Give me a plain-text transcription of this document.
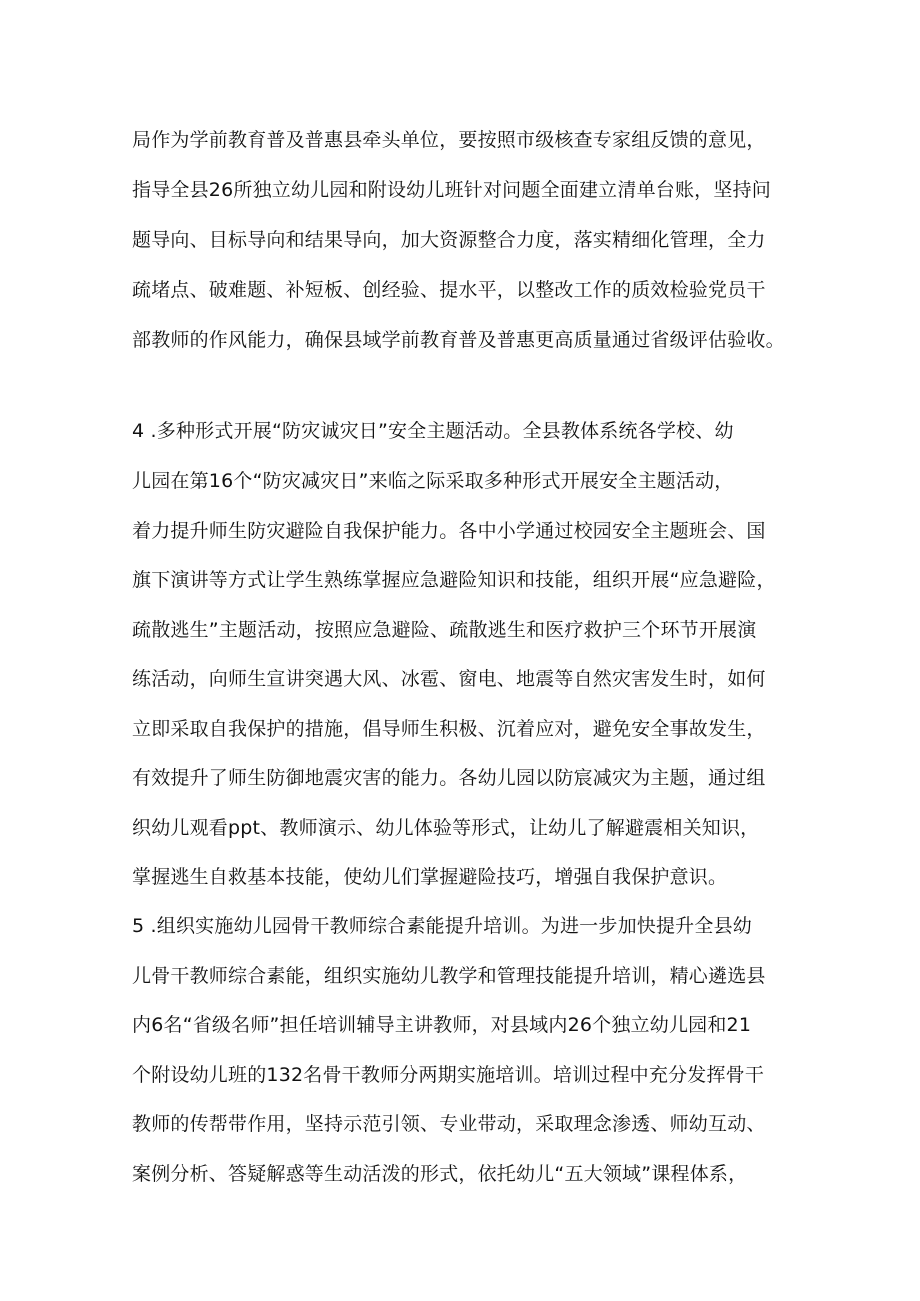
局作为学前教育普及普惠县牵头单位，要按照市级核查专家组反馈的意见，
指导全县26所独立幼儿园和附设幼儿班针对问题全面建立清单台账，坚持问
题导向、目标导向和结果导向，加大资源整合力度，落实精细化管理，全力
疏堵点、破难题、补短板、创经验、提水平，以整改工作的质效检验党员干
部教师的作风能力，确保县域学前教育普及普惠更高质量通过省级评估验收。
4 .多种形式开展“防灾诚灾日”安全主题活动。全县教体系统各学校、幼
儿园在第16个“防灾减灾日”来临之际采取多种形式开展安全主题活动，
着力提升师生防灾避险自我保护能力。各中小学通过校园安全主题班会、国
旗下演讲等方式让学生熟练掌握应急避险知识和技能，组织开展“应急避险，
疏散逃生”主题活动，按照应急避险、疏散逃生和医疗救护三个环节开展演
练活动，向师生宣讲突遇大风、冰雹、窗电、地震等自然灾害发生时，如何
立即采取自我保护的措施，倡导师生积极、沉着应对，避免安全事故发生，
有效提升了师生防御地震灾害的能力。各幼儿园以防宸减灾为主题，通过组
织幼儿观看ppt、教师演示、幼儿体验等形式，让幼儿了解避震相关知识，
掌握逃生自救基本技能，使幼儿们掌握避险技巧，增强自我保护意识。
5 .组织实施幼儿园骨干教师综合素能提升培训。为进一步加快提升全县幼
儿骨干教师综合素能，组织实施幼儿教学和管理技能提升培训，精心遴选县
内6名“省级名师”担任培训辅导主讲教师，对县域内26个独立幼儿园和21
个附设幼儿班的132名骨干教师分两期实施培训。培训过程中充分发挥骨干
教师的传帮带作用，坚持示范引领、专业带动，采取理念渗透、师幼互动、
案例分析、答疑解惑等生动活泼的形式，依托幼儿“五大领域”课程体系，
